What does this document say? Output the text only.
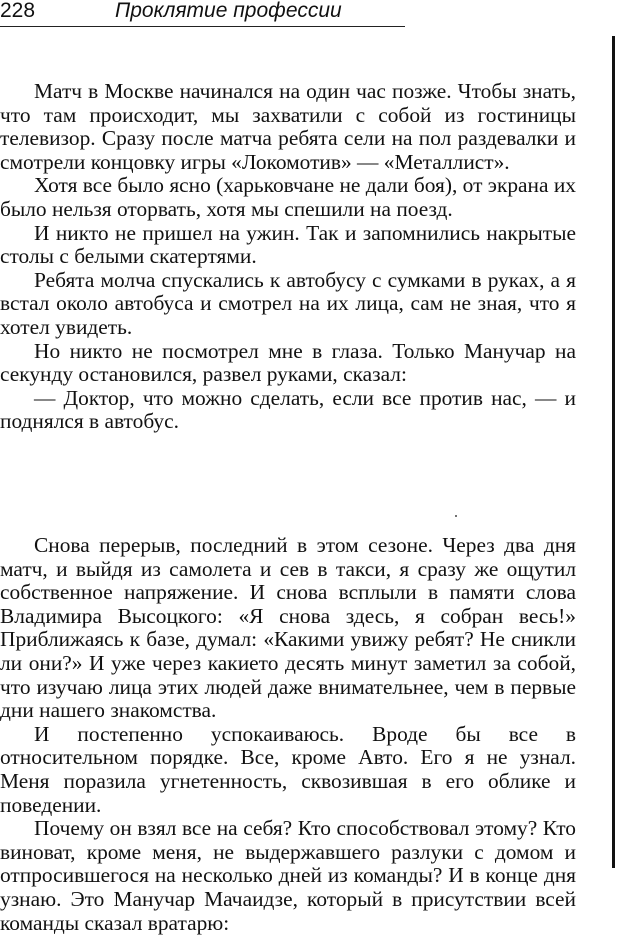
228	Проклятие профессии

Матч в Москве начинался на один час позже. Чтобы знать, что там происходит, мы захватили с собой из гостиницы телевизор. Сразу после матча ребята сели на пол раздевалки и смотрели концовку игры «Локомотив» — «Металлист».

Хотя все было ясно (харьковчане не дали боя), от экрана их было нельзя оторвать, хотя мы спешили на поезд.

И никто не пришел на ужин. Так и запомнились накрытые столы с белыми скатертями.

Ребята молча спускались к автобусу с сумками в руках, а я встал около автобуса и смотрел на их лица, сам не зная, что я хотел увидеть.

Но никто не посмотрел мне в глаза. Только Манучар на секунду остановился, развел руками, сказал:

— Доктор, что можно сделать, если все против нас, — и поднялся в автобус.

Снова перерыв, последний в этом сезоне. Через два дня матч, и выйдя из самолета и сев в такси, я сразу же ощутил собственное напряжение. И снова всплыли в памяти слова Владимира Высоцкого: «Я снова здесь, я собран весь!» Приближаясь к базе, думал: «Какими увижу ребят? Не сникли ли они?» И уже через какието десять минут заметил за собой, что изучаю лица этих людей даже внимательнее, чем в первые дни нашего знакомства.

И постепенно успокаиваюсь. Вроде бы все в относительном порядке. Все, кроме Авто. Его я не узнал. Меня поразила угнетенность, сквозившая в его облике и поведении.

Почему он взял все на себя? Кто способствовал этому? Кто виноват, кроме меня, не выдержавшего разлуки с домом и отпросившегося на несколько дней из команды? И в конце дня узнаю. Это Манучар Мачаидзе, который в присутствии всей команды сказал вратарю:
